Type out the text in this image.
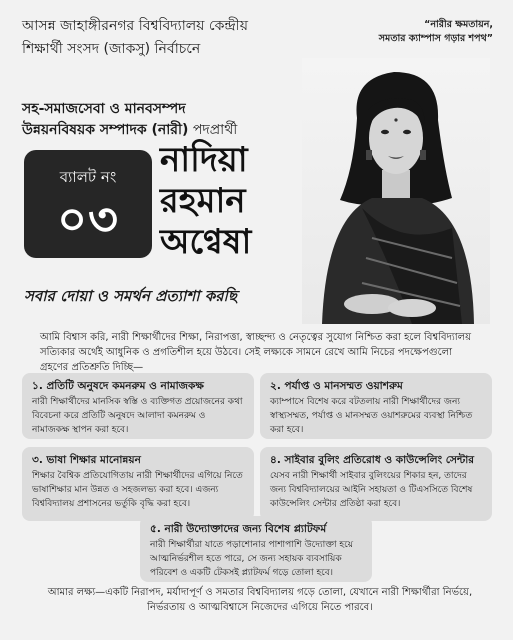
আসন্ন জাহাঙ্গীরনগর বিশ্ববিদ্যালয় কেন্দ্রীয়
শিক্ষার্থী সংসদ (জাকসু) নির্বাচনে
“নারীর ক্ষমতায়ন,
সমতার ক্যাম্পাস গড়ার শপথ”
সহ-সমাজসেবা ও মানবসম্পদ
উন্নয়নবিষয়ক সম্পাদক (নারী) পদপ্রার্থী
ব্যালট নং
০৩
নাদিয়া
রহমান
অণ্বেষা
সবার দোয়া ও সমর্থন প্রত্যাশা করছি
আমি বিশ্বাস করি, নারী শিক্ষার্থীদের শিক্ষা, নিরাপত্তা, স্বাচ্ছন্দ্য ও নেতৃত্বের সুযোগ নিশ্চিত করা হলে বিশ্ববিদ্যালয় সত্যিকার অর্থেই আধুনিক ও প্রগতিশীল হয়ে উঠবে। সেই লক্ষ্যকে সামনে রেখে আমি নিচের পদক্ষেপগুলো গ্রহণের প্রতিশ্রুতি দিচ্ছি—
১. প্রতিটি অনুষদে কমনরুম ও নামাজকক্ষ
নারী শিক্ষার্থীদের মানসিক স্বস্তি ও ব্যক্তিগত প্রয়োজনের কথা বিবেচনা করে প্রতিটি অনুষদে আলাদা কমনরুম ও নামাজকক্ষ স্থাপন করা হবে।
২. পর্যাপ্ত ও মানসম্মত ওয়াশরুম
ক্যাম্পাসে বিশেষ করে বটতলায় নারী শিক্ষার্থীদের জন্য স্বাস্থ্যসম্মত, পর্যাপ্ত ও মানসম্মত ওয়াশরুমের ব্যবস্থা নিশ্চিত করা হবে।
৩. ভাষা শিক্ষার মানোন্নয়ন
শিক্ষার বৈশ্বিক প্রতিযোগিতায় নারী শিক্ষার্থীদের এগিয়ে নিতে ভাষাশিক্ষার মান উন্নত ও সহজলভ্য করা হবে। এজন্য বিশ্ববিদ্যালয় প্রশাসনের ভর্তুকি বৃদ্ধি করা হবে।
৪. সাইবার বুলিং প্রতিরোধ ও কাউন্সেলিং সেন্টার
যেসব নারী শিক্ষার্থী সাইবার বুলিংয়ের শিকার হন, তাদের জন্য বিশ্ববিদ্যালয়ের আইনি সহায়তা ও টিএসসিতে বিশেষ কাউন্সেলিং সেন্টার প্রতিষ্ঠা করা হবে।
৫. নারী উদ্যোক্তাদের জন্য বিশেষ প্ল্যাটফর্ম
নারী শিক্ষার্থীরা যাতে পড়াশোনার পাশাপাশি উদ্যোক্তা হয়ে আত্মনির্ভরশীল হতে পারে, সে জন্য সহায়ক ব্যবসায়িক পরিবেশ ও একটি টেকসই প্ল্যাটফর্ম গড়ে তোলা হবে।
আমার লক্ষ্য—একটি নিরাপদ, মর্যাদাপূর্ণ ও সমতার বিশ্ববিদ্যালয় গড়ে তোলা, যেখানে নারী শিক্ষার্থীরা নির্ভয়ে, নির্ভরতায় ও আত্মবিশ্বাসে নিজেদের এগিয়ে নিতে পারবে।
